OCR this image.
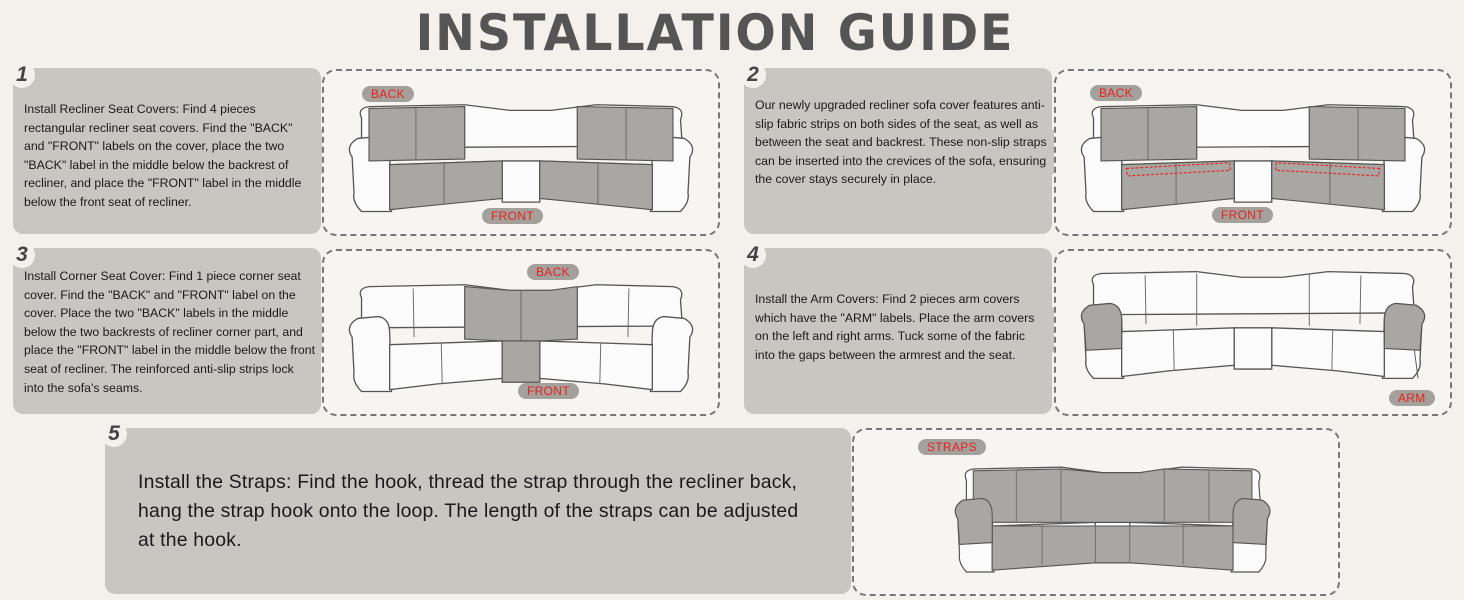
INSTALLATION GUIDE
Install Recliner Seat Covers: Find 4 pieces rectangular recliner seat covers. Find the "BACK" and "FRONT" labels on the cover, place the two "BACK" label in the middle below the backrest of recliner, and place the "FRONT" label in the middle below the front seat of recliner.
1
BACK
FRONT
Our newly upgraded recliner sofa cover features anti-slip fabric strips on both sides of the seat, as well as between the seat and backrest. These non-slip straps can be inserted into the crevices of the sofa, ensuring the cover stays securely in place.
2
BACK
FRONT
Install Corner Seat Cover: Find 1 piece corner seat cover. Find the "BACK" and "FRONT" label on the cover. Place the two "BACK" labels in the middle below the two backrests of recliner corner part, and place the "FRONT" label in the middle below the front seat of recliner. The reinforced anti-slip strips lock into the sofa's seams.
3
BACK
FRONT
Install the Arm Covers: Find 2 pieces arm covers which have the "ARM" labels. Place the arm covers on the left and right arms. Tuck some of the fabric into the gaps between the armrest and the seat.
4
ARM
Install the Straps: Find the hook, thread the strap through the recliner back, hang the strap hook onto the loop. The length of the straps can be adjusted at the hook.
5
STRAPS
